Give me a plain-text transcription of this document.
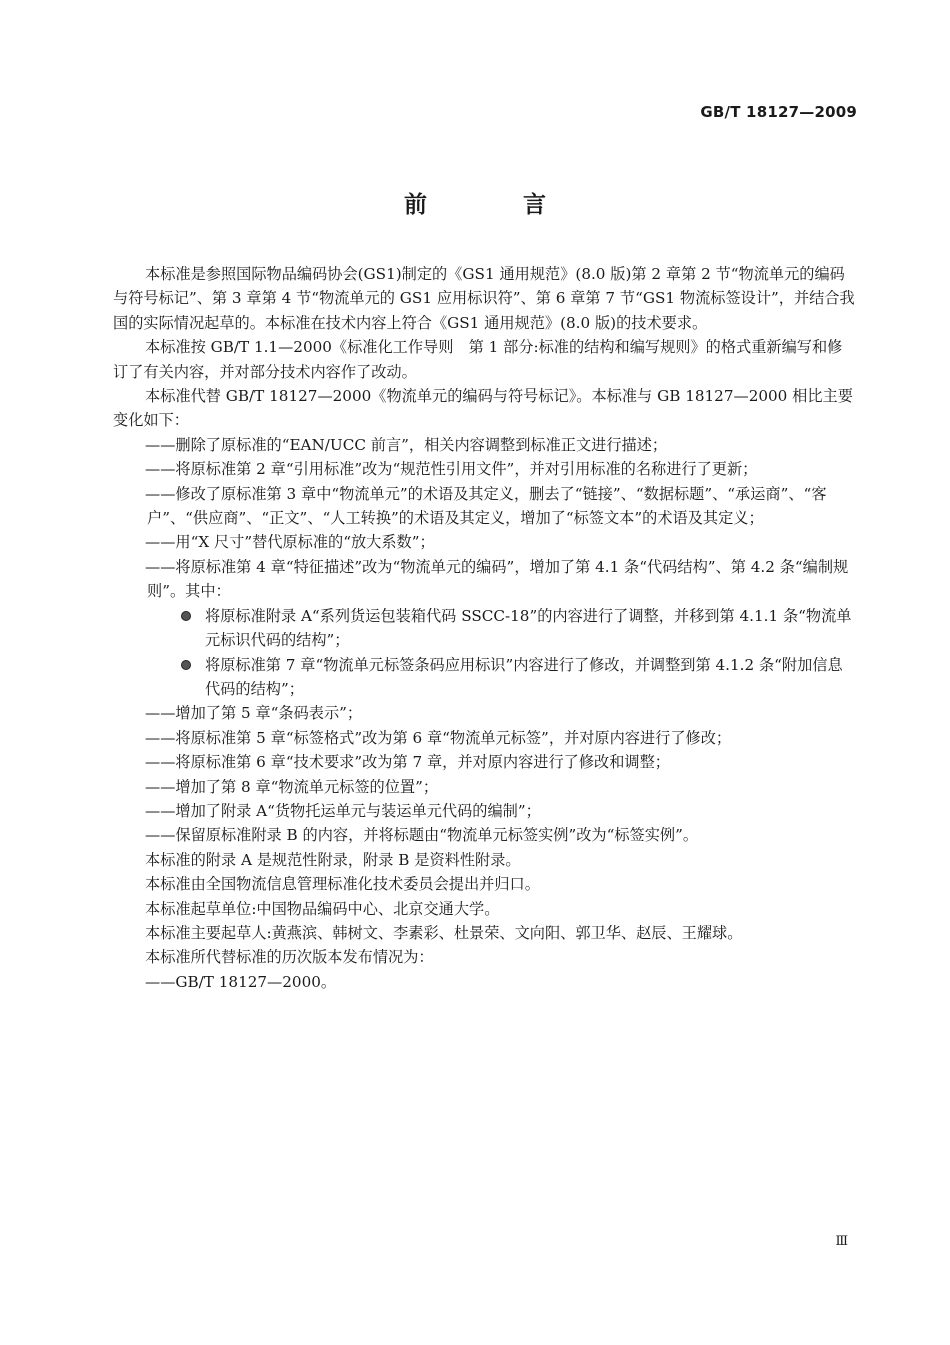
GB/T 18127—2009
前 言

本标准是参照国际物品编码协会(GS1)制定的《GS1 通用规范》(8.0 版)第 2 章第 2 节“物流单元的编码与符号标记”、第 3 章第 4 节“物流单元的 GS1 应用标识符”、第 6 章第 7 节“GS1 物流标签设计”，并结合我国的实际情况起草的。本标准在技术内容上符合《GS1 通用规范》(8.0 版)的技术要求。

本标准按 GB/T 1.1—2000《标准化工作导则　第 1 部分:标准的结构和编写规则》的格式重新编写和修订了有关内容，并对部分技术内容作了改动。

本标准代替 GB/T 18127—2000《物流单元的编码与符号标记》。本标准与 GB 18127—2000 相比主要变化如下：

——删除了原标准的“EAN/UCC 前言”，相关内容调整到标准正文进行描述；

——将原标准第 2 章“引用标准”改为“规范性引用文件”，并对引用标准的名称进行了更新；

——修改了原标准第 3 章中“物流单元”的术语及其定义，删去了“链接”、“数据标题”、“承运商”、“客户”、“供应商”、“正文”、“人工转换”的术语及其定义，增加了“标签文本”的术语及其定义；

——用“X 尺寸”替代原标准的“放大系数”；

——将原标准第 4 章“特征描述”改为“物流单元的编码”，增加了第 4.1 条“代码结构”、第 4.2 条“编制规则”。其中：

将原标准附录 A“系列货运包装箱代码 SSCC-18”的内容进行了调整，并移到第 4.1.1 条“物流单元标识代码的结构”；
将原标准第 7 章“物流单元标签条码应用标识”内容进行了修改，并调整到第 4.1.2 条“附加信息代码的结构”；

——增加了第 5 章“条码表示”；

——将原标准第 5 章“标签格式”改为第 6 章“物流单元标签”，并对原内容进行了修改；

——将原标准第 6 章“技术要求”改为第 7 章，并对原内容进行了修改和调整；

——增加了第 8 章“物流单元标签的位置”；

——增加了附录 A“货物托运单元与装运单元代码的编制”；

——保留原标准附录 B 的内容，并将标题由“物流单元标签实例”改为“标签实例”。

本标准的附录 A 是规范性附录，附录 B 是资料性附录。

本标准由全国物流信息管理标准化技术委员会提出并归口。

本标准起草单位:中国物品编码中心、北京交通大学。

本标准主要起草人:黄燕滨、韩树文、李素彩、杜景荣、文向阳、郭卫华、赵辰、王耀球。

本标准所代替标准的历次版本发布情况为：

——GB/T 18127—2000。

Ⅲ
